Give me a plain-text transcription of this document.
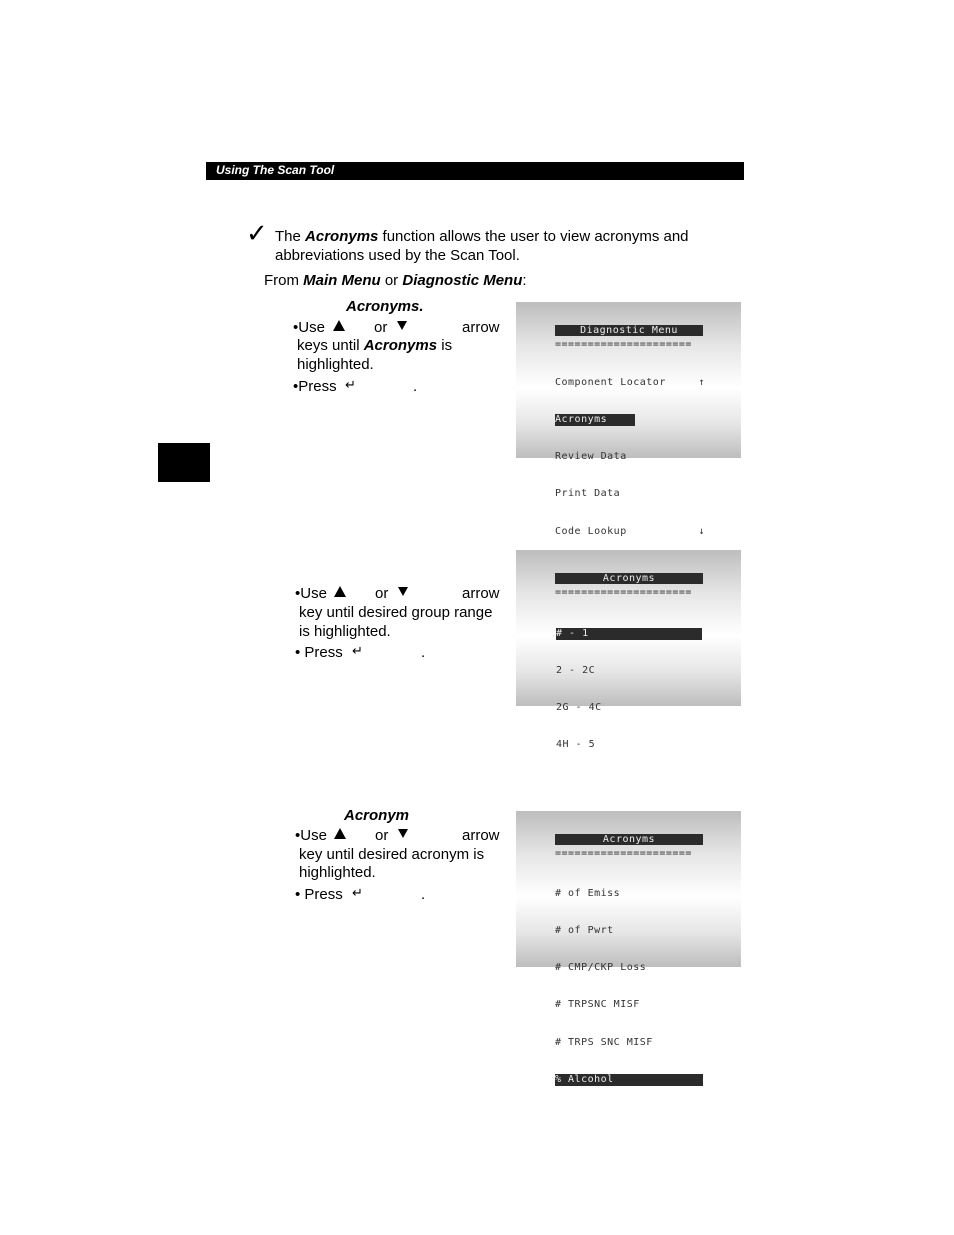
Using The Scan Tool
✓ The Acronyms function allows the user to view acronyms and
abbreviations used by the Scan Tool.
From Main Menu or Diagnostic Menu:
Acronyms.
•Use	or	arrow
keys until Acronyms is
highlighted.
•Press ↵	.
Diagnostic Menu
=====================

Component Locator	↑

Acronyms

Review Data

Print Data

Code Lookup	↓

•Use	or	arrow
key until desired group range
is highlighted.
• Press ↵	.
Acronyms
=====================

# - 1

2 - 2C

2G - 4C

4H - 5

Acronym
•Use	or	arrow
key until desired acronym is
highlighted.
• Press ↵	.
Acronyms
=====================

# of Emiss

# of Pwrt

# CMP/CKP Loss

# TRPSNC MISF

# TRPS SNC MISF

% Alcohol
